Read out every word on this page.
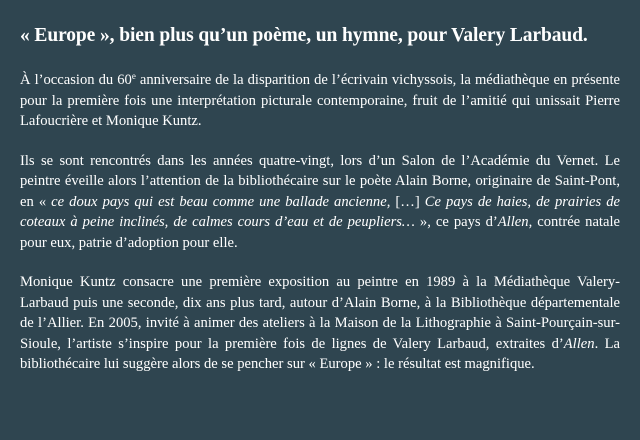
« Europe », bien plus qu’un poème, un hymne, pour Valery Larbaud.

À l’occasion du 60e anniversaire de la disparition de l’écrivain vichyssois, la médiathèque en présente pour la première fois une interprétation picturale contemporaine, fruit de l’amitié qui unissait Pierre Lafoucrière et Monique Kuntz.

Ils se sont rencontrés dans les années quatre-vingt, lors d’un Salon de l’Académie du Vernet. Le peintre éveille alors l’attention de la bibliothécaire sur le poète Alain Borne, originaire de Saint-Pont, en « ce doux pays qui est beau comme une ballade ancienne, […] Ce pays de haies, de prairies de coteaux à peine inclinés, de calmes cours d’eau et de peupliers… », ce pays d’Allen, contrée natale pour eux, patrie d’adoption pour elle.

Monique Kuntz consacre une première exposition au peintre en 1989 à la Médiathèque Valery-Larbaud puis une seconde, dix ans plus tard, autour d’Alain Borne, à la Bibliothèque départementale de l’Allier. En 2005, invité à animer des ateliers à la Maison de la Lithographie à Saint-Pourçain-sur-Sioule, l’artiste s’inspire pour la première fois de lignes de Valery Larbaud, extraites d’Allen. La bibliothécaire lui suggère alors de se pencher sur « Europe » : le résultat est magnifique.
